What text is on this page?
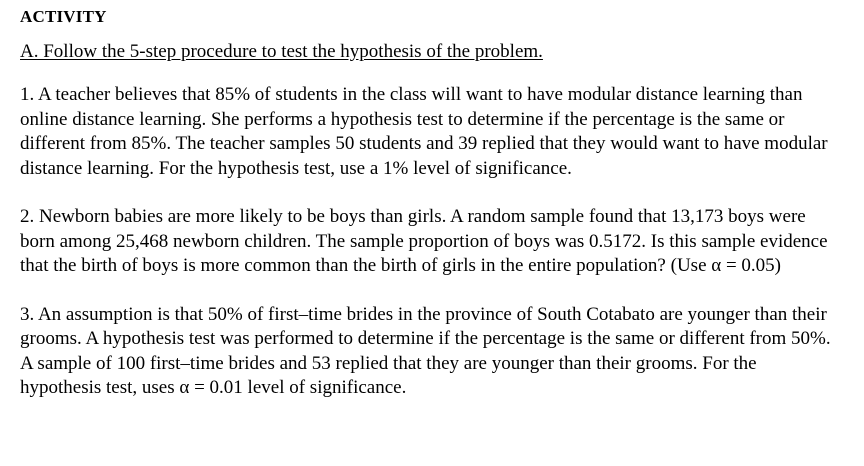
ACTIVITY

A. Follow the 5-step procedure to test the hypothesis of the problem.

1. A teacher believes that 85% of students in the class will want to have modular distance learning than online distance learning. She performs a hypothesis test to determine if the percentage is the same or different from 85%. The teacher samples 50 students and 39 replied that they would want to have modular distance learning. For the hypothesis test, use a 1% level of significance.

2. Newborn babies are more likely to be boys than girls. A random sample found that 13,173 boys were born among 25,468 newborn children. The sample proportion of boys was 0.5172. Is this sample evidence that the birth of boys is more common than the birth of girls in the entire population? (Use α = 0.05)

3. An assumption is that 50% of first–time brides in the province of South Cotabato are younger than their grooms. A hypothesis test was performed to determine if the percentage is the same or different from 50%. A sample of 100 first–time brides and 53 replied that they are younger than their grooms. For the hypothesis test, uses α = 0.01 level of significance.
